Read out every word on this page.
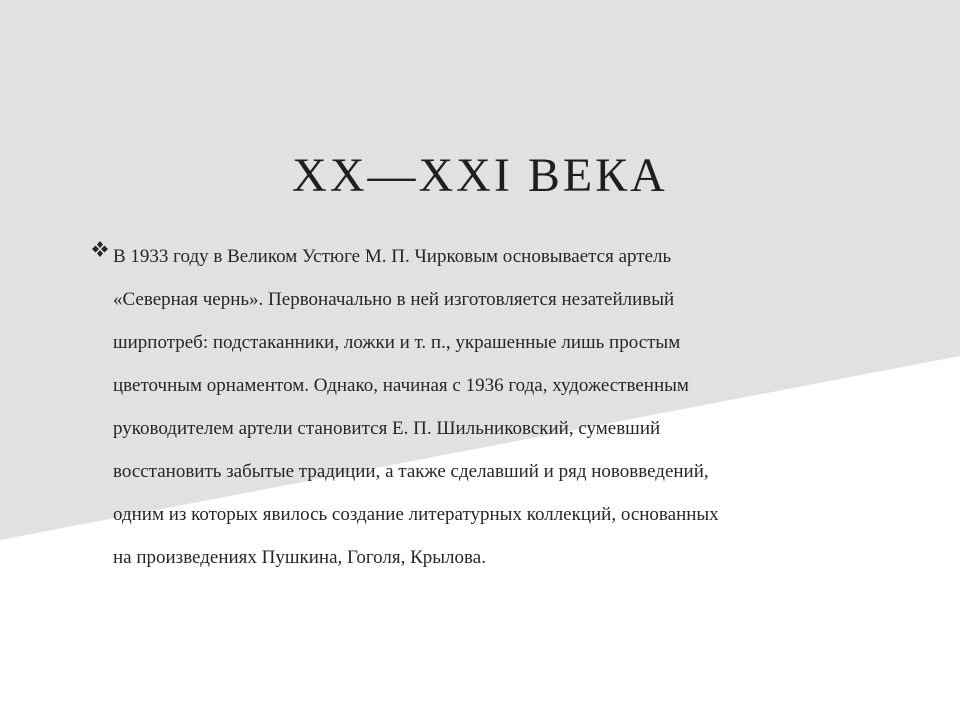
XX—XXI ВЕКА
В 1933 году в Великом Устюге М. П. Чирковым основывается артель
«Северная чернь». Первоначально в ней изготовляется незатейливый
ширпотреб: подстаканники, ложки и т. п., украшенные лишь простым
цветочным орнаментом. Однако, начиная с 1936 года, художественным
руководителем артели становится Е. П. Шильниковский, сумевший
восстановить забытые традиции, а также сделавший и ряд нововведений,
одним из которых явилось создание литературных коллекций, основанных
на произведениях Пушкина, Гоголя, Крылова.
